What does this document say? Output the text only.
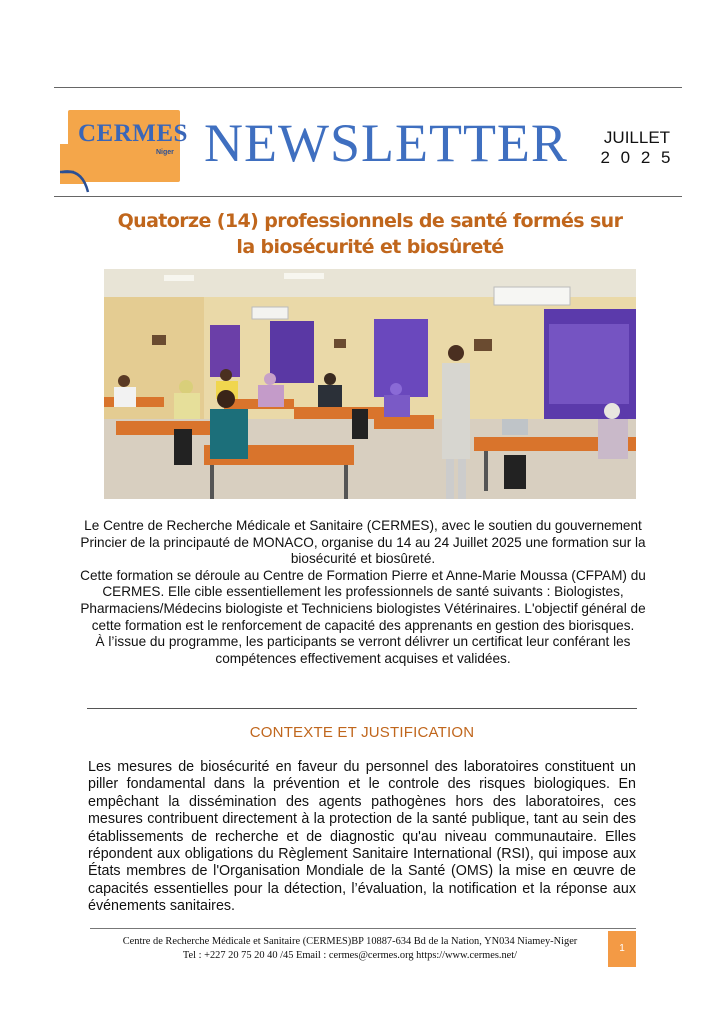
CERMES
Niger NEWSLETTER JUILLET
2 0 2 5
Quatorze (14) professionnels de santé formés sur
la biosécurité et biosûreté

Le Centre de Recherche Médicale et Sanitaire (CERMES), avec le soutien du gouvernement Princier de la principauté de MONACO, organise du 14 au 24 Juillet 2025 une formation sur la biosécurité et biosûreté.

Cette formation se déroule au Centre de Formation Pierre et Anne-Marie Moussa (CFPAM) du CERMES. Elle cible essentiellement les professionnels de santé suivants : Biologistes, Pharmaciens/Médecins biologiste et Techniciens biologistes Vétérinaires. L'objectif général de cette formation est le renforcement de capacité des apprenants en gestion des biorisques.

À l’issue du programme, les participants se verront délivrer un certificat leur conférant les compétences effectivement acquises et validées.

CONTEXTE ET JUSTIFICATION
Les mesures de biosécurité en faveur du personnel des laboratoires constituent un piller fondamental dans la prévention et le controle des risques biologiques. En empêchant la dissémination des agents pathogènes hors des laboratoires, ces mesures contribuent directement à la protection de la santé publique, tant au sein des établissements de recherche et de diagnostic qu'au niveau communautaire. Elles répondent aux obligations du Règlement Sanitaire International (RSI), qui impose aux États membres de l'Organisation Mondiale de la Santé (OMS) la mise en œuvre de capacités essentielles pour la détection, l’évaluation, la notification et la réponse aux événements sanitaires.
Centre de Recherche Médicale et Sanitaire (CERMES)BP 10887-634 Bd de la Nation, YN034 Niamey-Niger
Tel : +227 20 75 20 40 /45 Email : cermes@cermes.org https://www.cermes.net/
1
